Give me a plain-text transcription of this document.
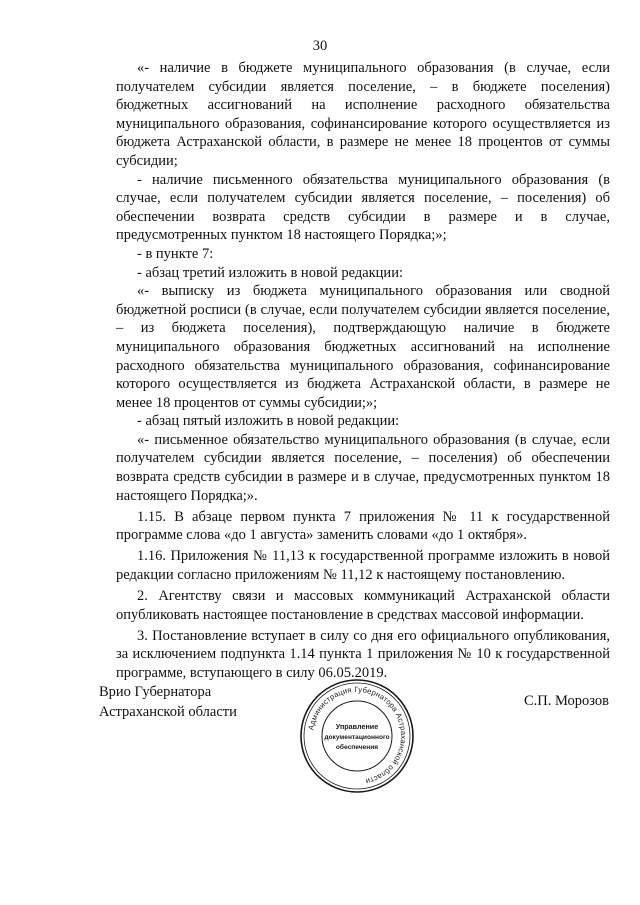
30

«- наличие в бюджете муниципального образования (в случае, если получателем субсидии является поселение, – в бюджете поселения) бюджетных ассигнований на исполнение расходного обязательства муниципального образования, софинансирование которого осуществляется из бюджета Астраханской области, в размере не менее 18 процентов от суммы субсидии;

- наличие письменного обязательства муниципального образования (в случае, если получателем субсидии является поселение, – поселения) об обеспечении возврата средств субсидии в размере и в случае, предусмотренных пунктом 18 настоящего Порядка;»;

- в пункте 7:

- абзац третий изложить в новой редакции:

«- выписку из бюджета муниципального образования или сводной бюджетной росписи (в случае, если получателем субсидии является поселение, – из бюджета поселения), подтверждающую наличие в бюджете муниципального образования бюджетных ассигнований на исполнение расходного обязательства муниципального образования, софинансирование которого осуществляется из бюджета Астраханской области, в размере не менее 18 процентов от суммы субсидии;»;

- абзац пятый изложить в новой редакции:

«- письменное обязательство муниципального образования (в случае, если получателем субсидии является поселение, – поселения) об обеспечении возврата средств субсидии в размере и в случае, предусмотренных пунктом 18 настоящего Порядка;».

1.15. В абзаце первом пункта 7 приложения № 11 к государственной программе слова «до 1 августа» заменить словами «до 1 октября».

1.16. Приложения № 11,13 к государственной программе изложить в новой редакции согласно приложениям № 11,12 к настоящему постановлению.

2. Агентству связи и массовых коммуникаций Астраханской области опубликовать настоящее постановление в средствах массовой информации.

3. Постановление вступает в силу со дня его официального опубликования, за исключением подпункта 1.14 пункта 1 приложения № 10 к государственной программе, вступающего в силу 06.05.2019.

Врио Губернатора
Астраханской области
Администрация Губернатора Астраханской области
Управление
документационного
обеспечения
С.П. Морозов
